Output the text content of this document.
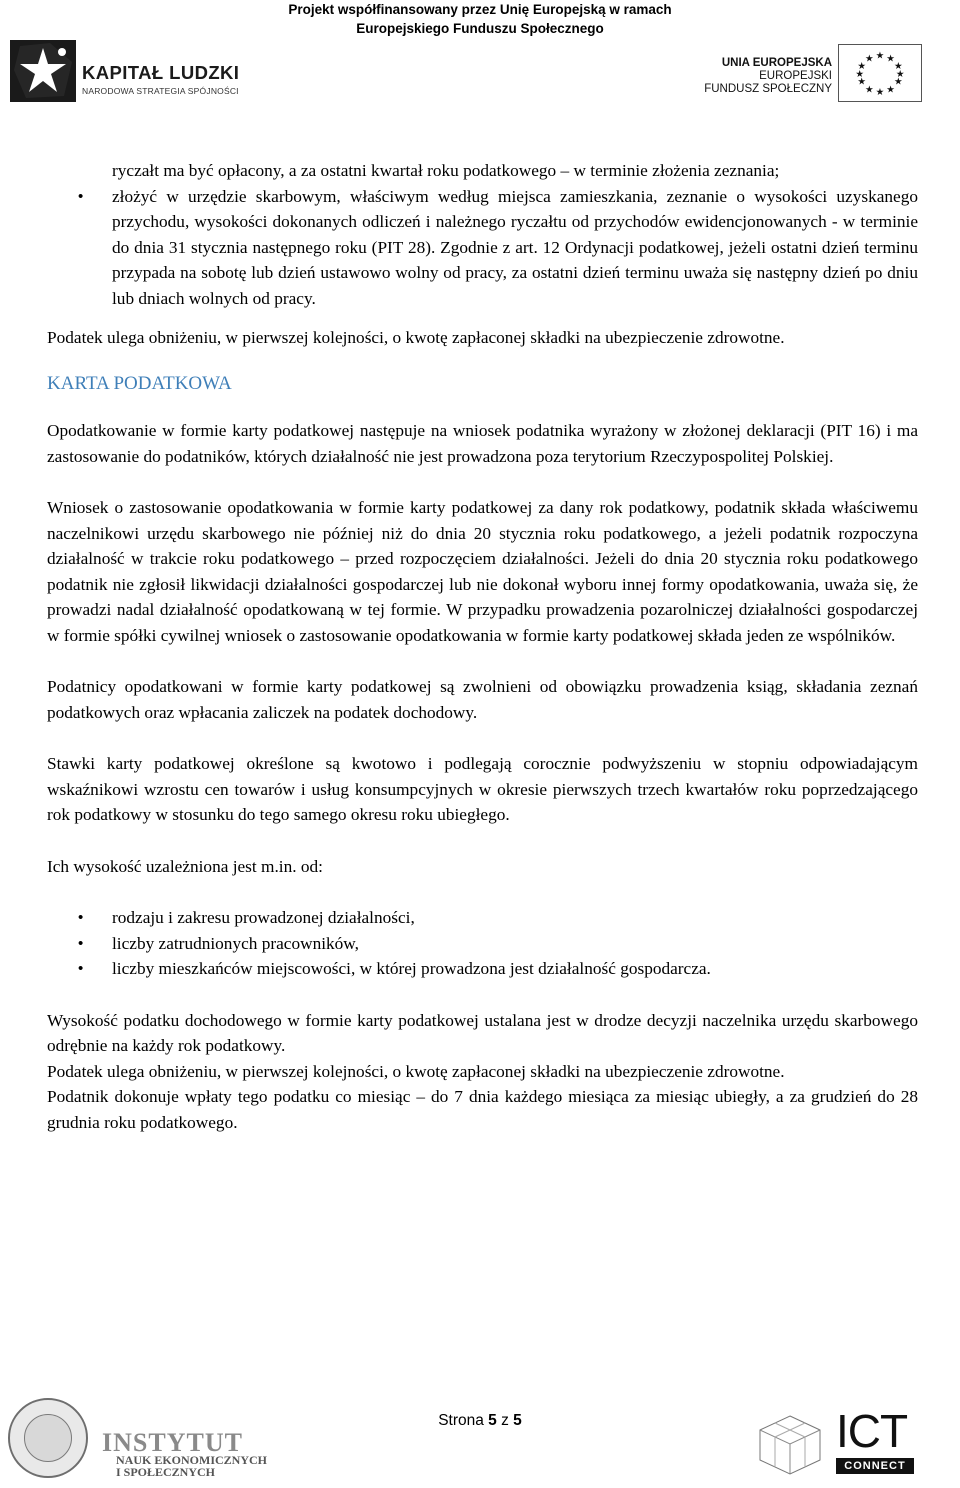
Projekt współfinansowany przez Unię Europejską w ramach
Europejskiego Funduszu Społecznego
KAPITAŁ LUDZKI
NARODOWA STRATEGIA SPÓJNOŚCI
UNIA EUROPEJSKA
EUROPEJSKI
FUNDUSZ SPOŁECZNY
★ ★
★
★
★
★
★
★
★
★
★
★

ryczałt ma być opłacony, a za ostatni kwartał roku podatkowego – w terminie złożenia zeznania;

• złożyć w urzędzie skarbowym, właściwym według miejsca zamieszkania, zeznanie o wysokości uzyskanego przychodu, wysokości dokonanych odliczeń i należnego ryczałtu od przychodów ewidencjonowanych - w terminie do dnia 31 stycznia następnego roku (PIT 28). Zgodnie z art. 12 Ordynacji podatkowej, jeżeli ostatni dzień terminu przypada na sobotę lub dzień ustawowo wolny od pracy, za ostatni dzień terminu uważa się następny dzień po dniu lub dniach wolnych od pracy.

Podatek ulega obniżeniu, w pierwszej kolejności, o kwotę zapłaconej składki na ubezpieczenie zdrowotne.

KARTA PODATKOWA

Opodatkowanie w formie karty podatkowej następuje na wniosek podatnika wyrażony w złożonej deklaracji (PIT 16) i ma zastosowanie do podatników, których działalność nie jest prowadzona poza terytorium Rzeczypospolitej Polskiej.

Wniosek o zastosowanie opodatkowania w formie karty podatkowej za dany rok podatkowy, podatnik składa właściwemu naczelnikowi urzędu skarbowego nie później niż do dnia 20 stycznia roku podatkowego, a jeżeli podatnik rozpoczyna działalność w trakcie roku podatkowego – przed rozpoczęciem działalności. Jeżeli do dnia 20 stycznia roku podatkowego podatnik nie zgłosił likwidacji działalności gospodarczej lub nie dokonał wyboru innej formy opodatkowania, uważa się, że prowadzi nadal działalność opodatkowaną w tej formie. W przypadku prowadzenia pozarolniczej działalności gospodarczej w formie spółki cywilnej wniosek o zastosowanie opodatkowania w formie karty podatkowej składa jeden ze wspólników.

Podatnicy opodatkowani w formie karty podatkowej są zwolnieni od obowiązku prowadzenia ksiąg, składania zeznań podatkowych oraz wpłacania zaliczek na podatek dochodowy.

Stawki karty podatkowej określone są kwotowo i podlegają corocznie podwyższeniu w stopniu odpowiadającym wskaźnikowi wzrostu cen towarów i usług konsumpcyjnych w okresie pierwszych trzech kwartałów roku poprzedzającego rok podatkowy w stosunku do tego samego okresu roku ubiegłego.

Ich wysokość uzależniona jest m.in. od:

• rodzaju i zakresu prowadzonej działalności,

• liczby zatrudnionych pracowników,

• liczby mieszkańców miejscowości, w której prowadzona jest działalność gospodarcza.

Wysokość podatku dochodowego w formie karty podatkowej ustalana jest w drodze decyzji naczelnika urzędu skarbowego odrębnie na każdy rok podatkowy.

Podatek ulega obniżeniu, w pierwszej kolejności, o kwotę zapłaconej składki na ubezpieczenie zdrowotne.

Podatnik dokonuje wpłaty tego podatku co miesiąc – do 7 dnia każdego miesiąca za miesiąc ubiegły, a za grudzień do 28 grudnia roku podatkowego.

INSTYTUT
NAUK EKONOMICZNYCH
I SPOŁECZNYCH
Strona 5 z 5	ICT
CONNECT
